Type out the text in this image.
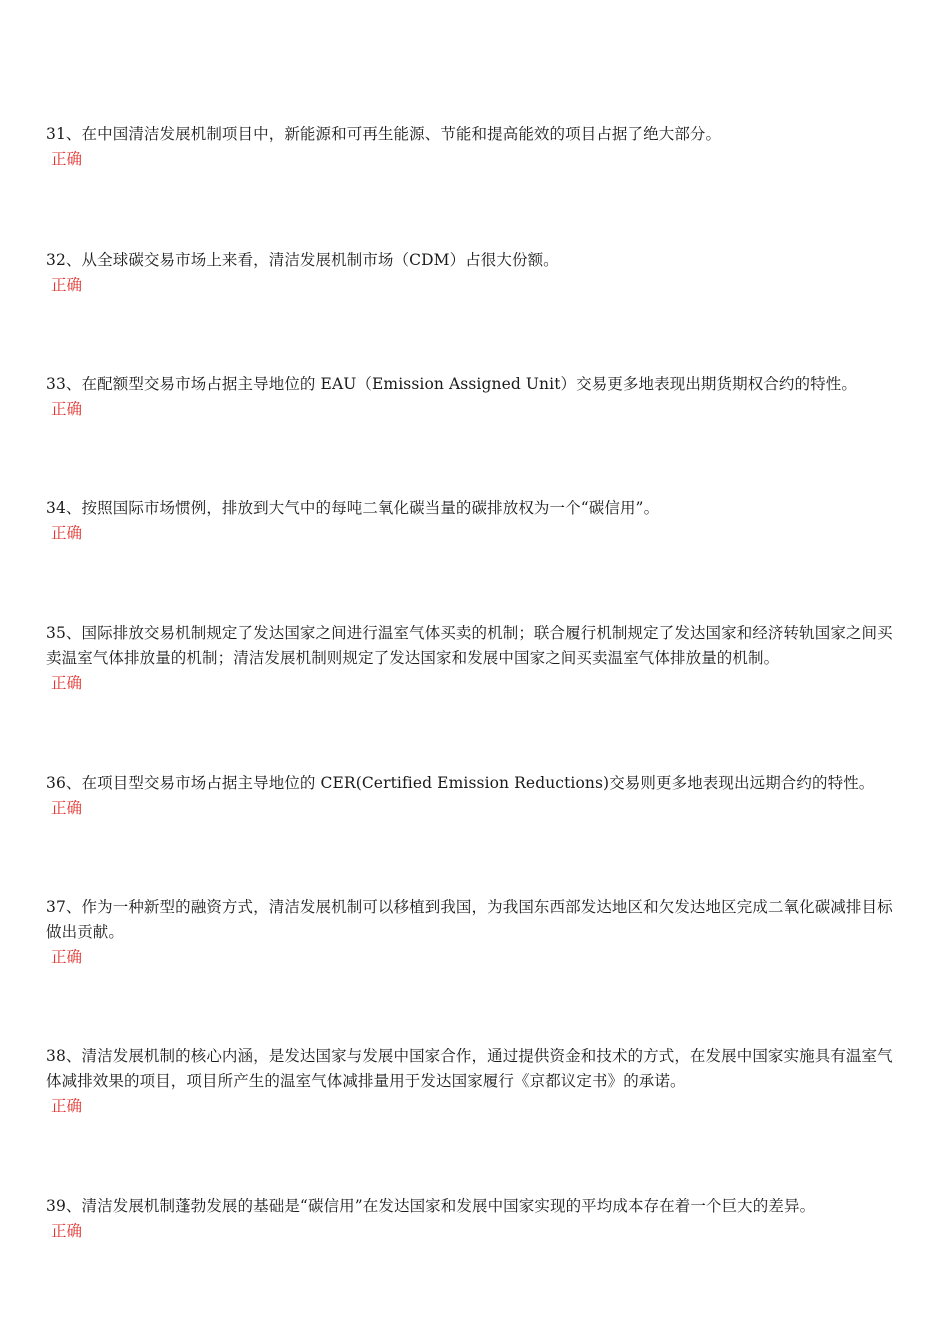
31、在中国清洁发展机制项目中，新能源和可再生能源、节能和提高能效的项目占据了绝大部分。

正确

32、从全球碳交易市场上来看，清洁发展机制市场（CDM）占很大份额。

正确

33、在配额型交易市场占据主导地位的 EAU（Emission Assigned Unit）交易更多地表现出期货期权合约的特性。

正确

34、按照国际市场惯例，排放到大气中的每吨二氧化碳当量的碳排放权为一个“碳信用”。

正确

35、国际排放交易机制规定了发达国家之间进行温室气体买卖的机制；联合履行机制规定了发达国家和经济转轨国家之间买卖温室气体排放量的机制；清洁发展机制则规定了发达国家和发展中国家之间买卖温室气体排放量的机制。

正确

36、在项目型交易市场占据主导地位的 CER(Certified Emission Reductions)交易则更多地表现出远期合约的特性。

正确

37、作为一种新型的融资方式，清洁发展机制可以移植到我国，为我国东西部发达地区和欠发达地区完成二氧化碳减排目标做出贡献。

正确

38、清洁发展机制的核心内涵，是发达国家与发展中国家合作，通过提供资金和技术的方式，在发展中国家实施具有温室气体减排效果的项目，项目所产生的温室气体减排量用于发达国家履行《京都议定书》的承诺。

正确

39、清洁发展机制蓬勃发展的基础是“碳信用”在发达国家和发展中国家实现的平均成本存在着一个巨大的差异。

正确
